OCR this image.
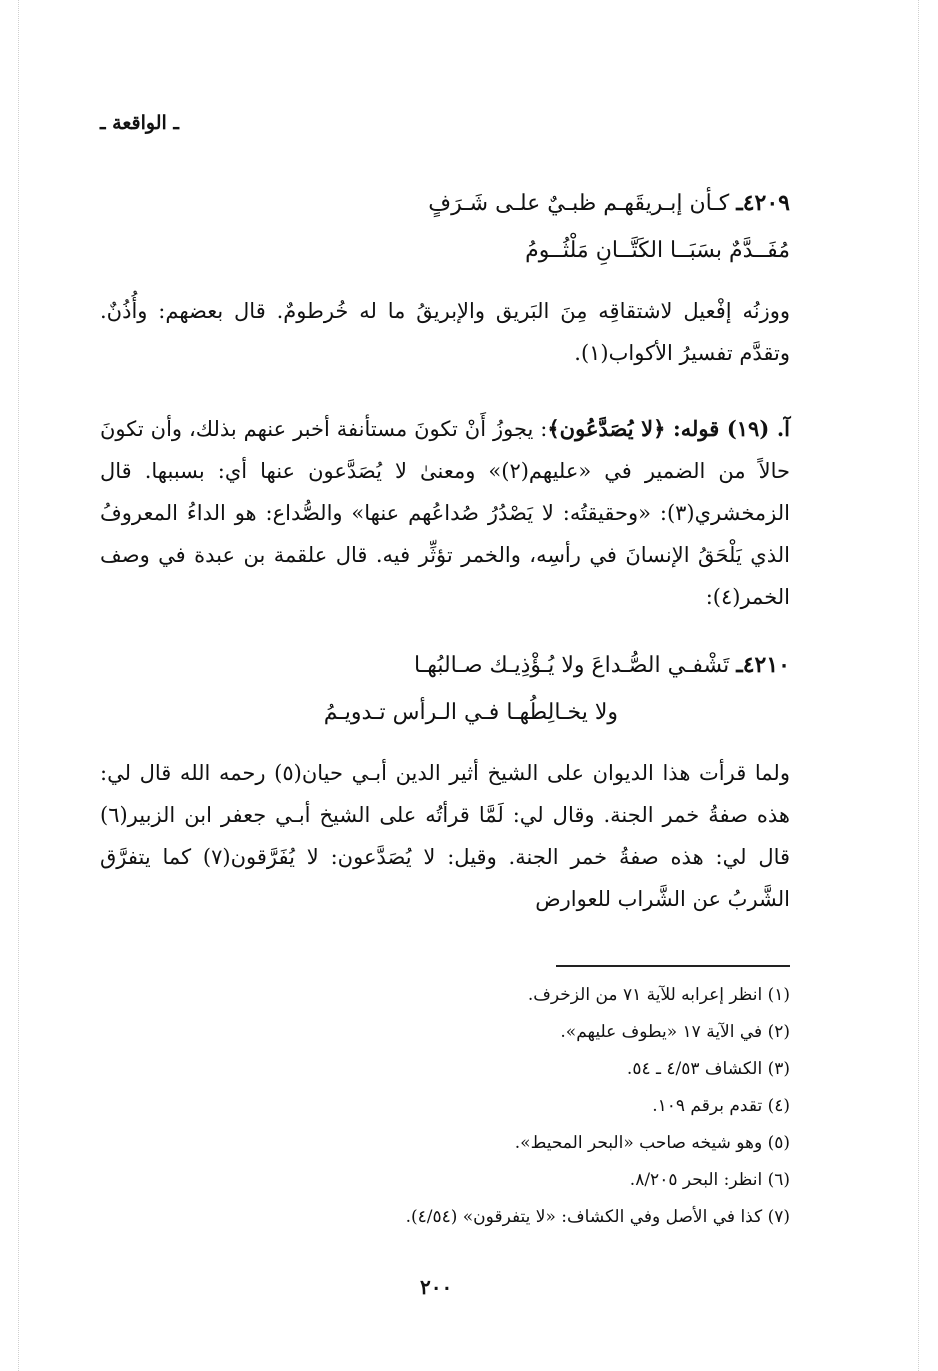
ـ الواقعة ـ
٤٢٠٩ـ كـأن إبـريقَهـم ظبـيٌ علـى شَـرَفٍ
مُفَــدَّمٌ بسَبَــا الكَتَّــانِ مَلْثُــومُ
ووزنُه إفْعيل لاشتقاقِه مِنَ البَريق والإبريقُ ما له خُرطومٌ. قال بعضهم: وأُذُنٌ. وتقدَّم تفسيرُ الأكواب(١).
آ. (١٩) قوله: ﴿لا يُصَدَّعُون﴾: يجوزُ أَنْ تكونَ مستأنفة أخبر عنهم بذلك، وأن تكونَ حالاً من الضمير في «عليهم(٢)» ومعنىٰ لا يُصَدَّعون عنها أي: بسببها. قال الزمخشري(٣): «وحقيقتُه: لا يَصْدُرُ صُداعُهم عنها» والصُّداع: هو الداءُ المعروفُ الذي يَلْحَقُ الإنسانَ في رأسِه، والخمر تؤثِّر فيه. قال علقمة بن عبدة في وصف الخمر(٤):
٤٢١٠ـ تَشْفـي الصُّـداعَ ولا يُـؤْذِيـك صـالبُهـا
ولا يخـالِطُهـا فـي الـرأس تـدويـمُ
ولما قرأت هذا الديوان على الشيخ أثير الدين أبـي حيان(٥) رحمه الله قال لي: هذه صفةُ خمر الجنة. وقال لي: لَمَّا قرأتُه على الشيخ أبـي جعفر ابن الزبير(٦) قال لي: هذه صفةُ خمر الجنة. وقيل: لا يُصَدَّعون: لا يُفَرَّقون(٧) كما يتفرَّق الشَّربُ عن الشَّراب للعوارض
(١) انظر إعرابه للآية ٧١ من الزخرف.
(٢) في الآية ١٧ «يطوف عليهم».
(٣) الكشاف ٤/٥٣ ـ ٥٤.
(٤) تقدم برقم ١٠٩.
(٥) وهو شيخه صاحب «البحر المحيط».
(٦) انظر: البحر ٨/٢٠٥.
(٧) كذا في الأصل وفي الكشاف: «لا يتفرقون» (٤/٥٤).
٢٠٠
